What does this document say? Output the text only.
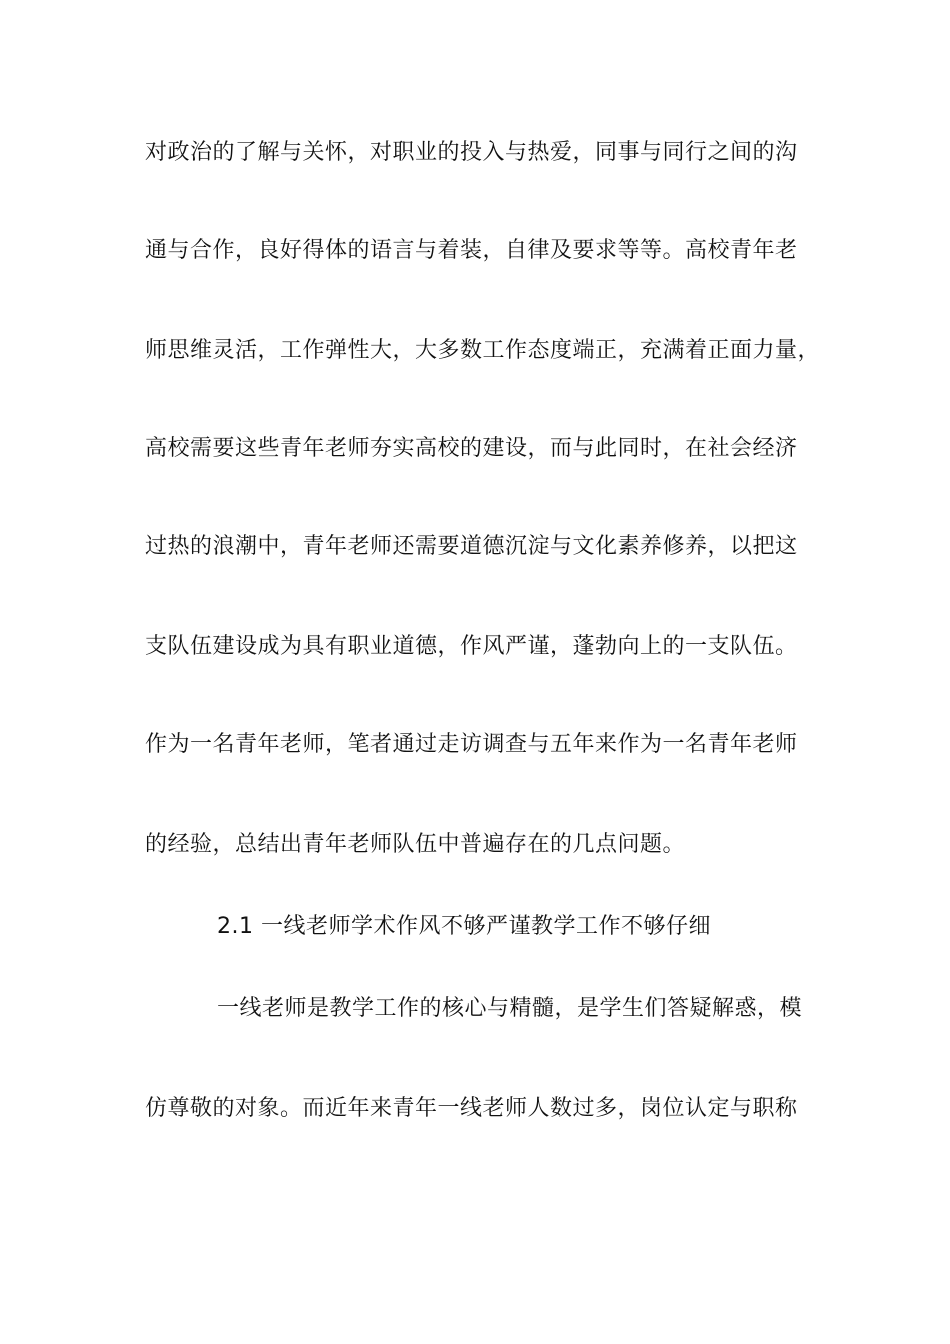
对政治的了解与关怀，对职业的投入与热爱，同事与同行之间的沟
通与合作，良好得体的语言与着装，自律及要求等等。高校青年老
师思维灵活，工作弹性大，大多数工作态度端正，充满着正面力量，
高校需要这些青年老师夯实高校的建设，而与此同时，在社会经济
过热的浪潮中，青年老师还需要道德沉淀与文化素养修养，以把这
支队伍建设成为具有职业道德，作风严谨，蓬勃向上的一支队伍。
作为一名青年老师，笔者通过走访调查与五年来作为一名青年老师
的经验，总结出青年老师队伍中普遍存在的几点问题。
2.1 一线老师学术作风不够严谨教学工作不够仔细
一线老师是教学工作的核心与精髓，是学生们答疑解惑，模
仿尊敬的对象。而近年来青年一线老师人数过多，岗位认定与职称
